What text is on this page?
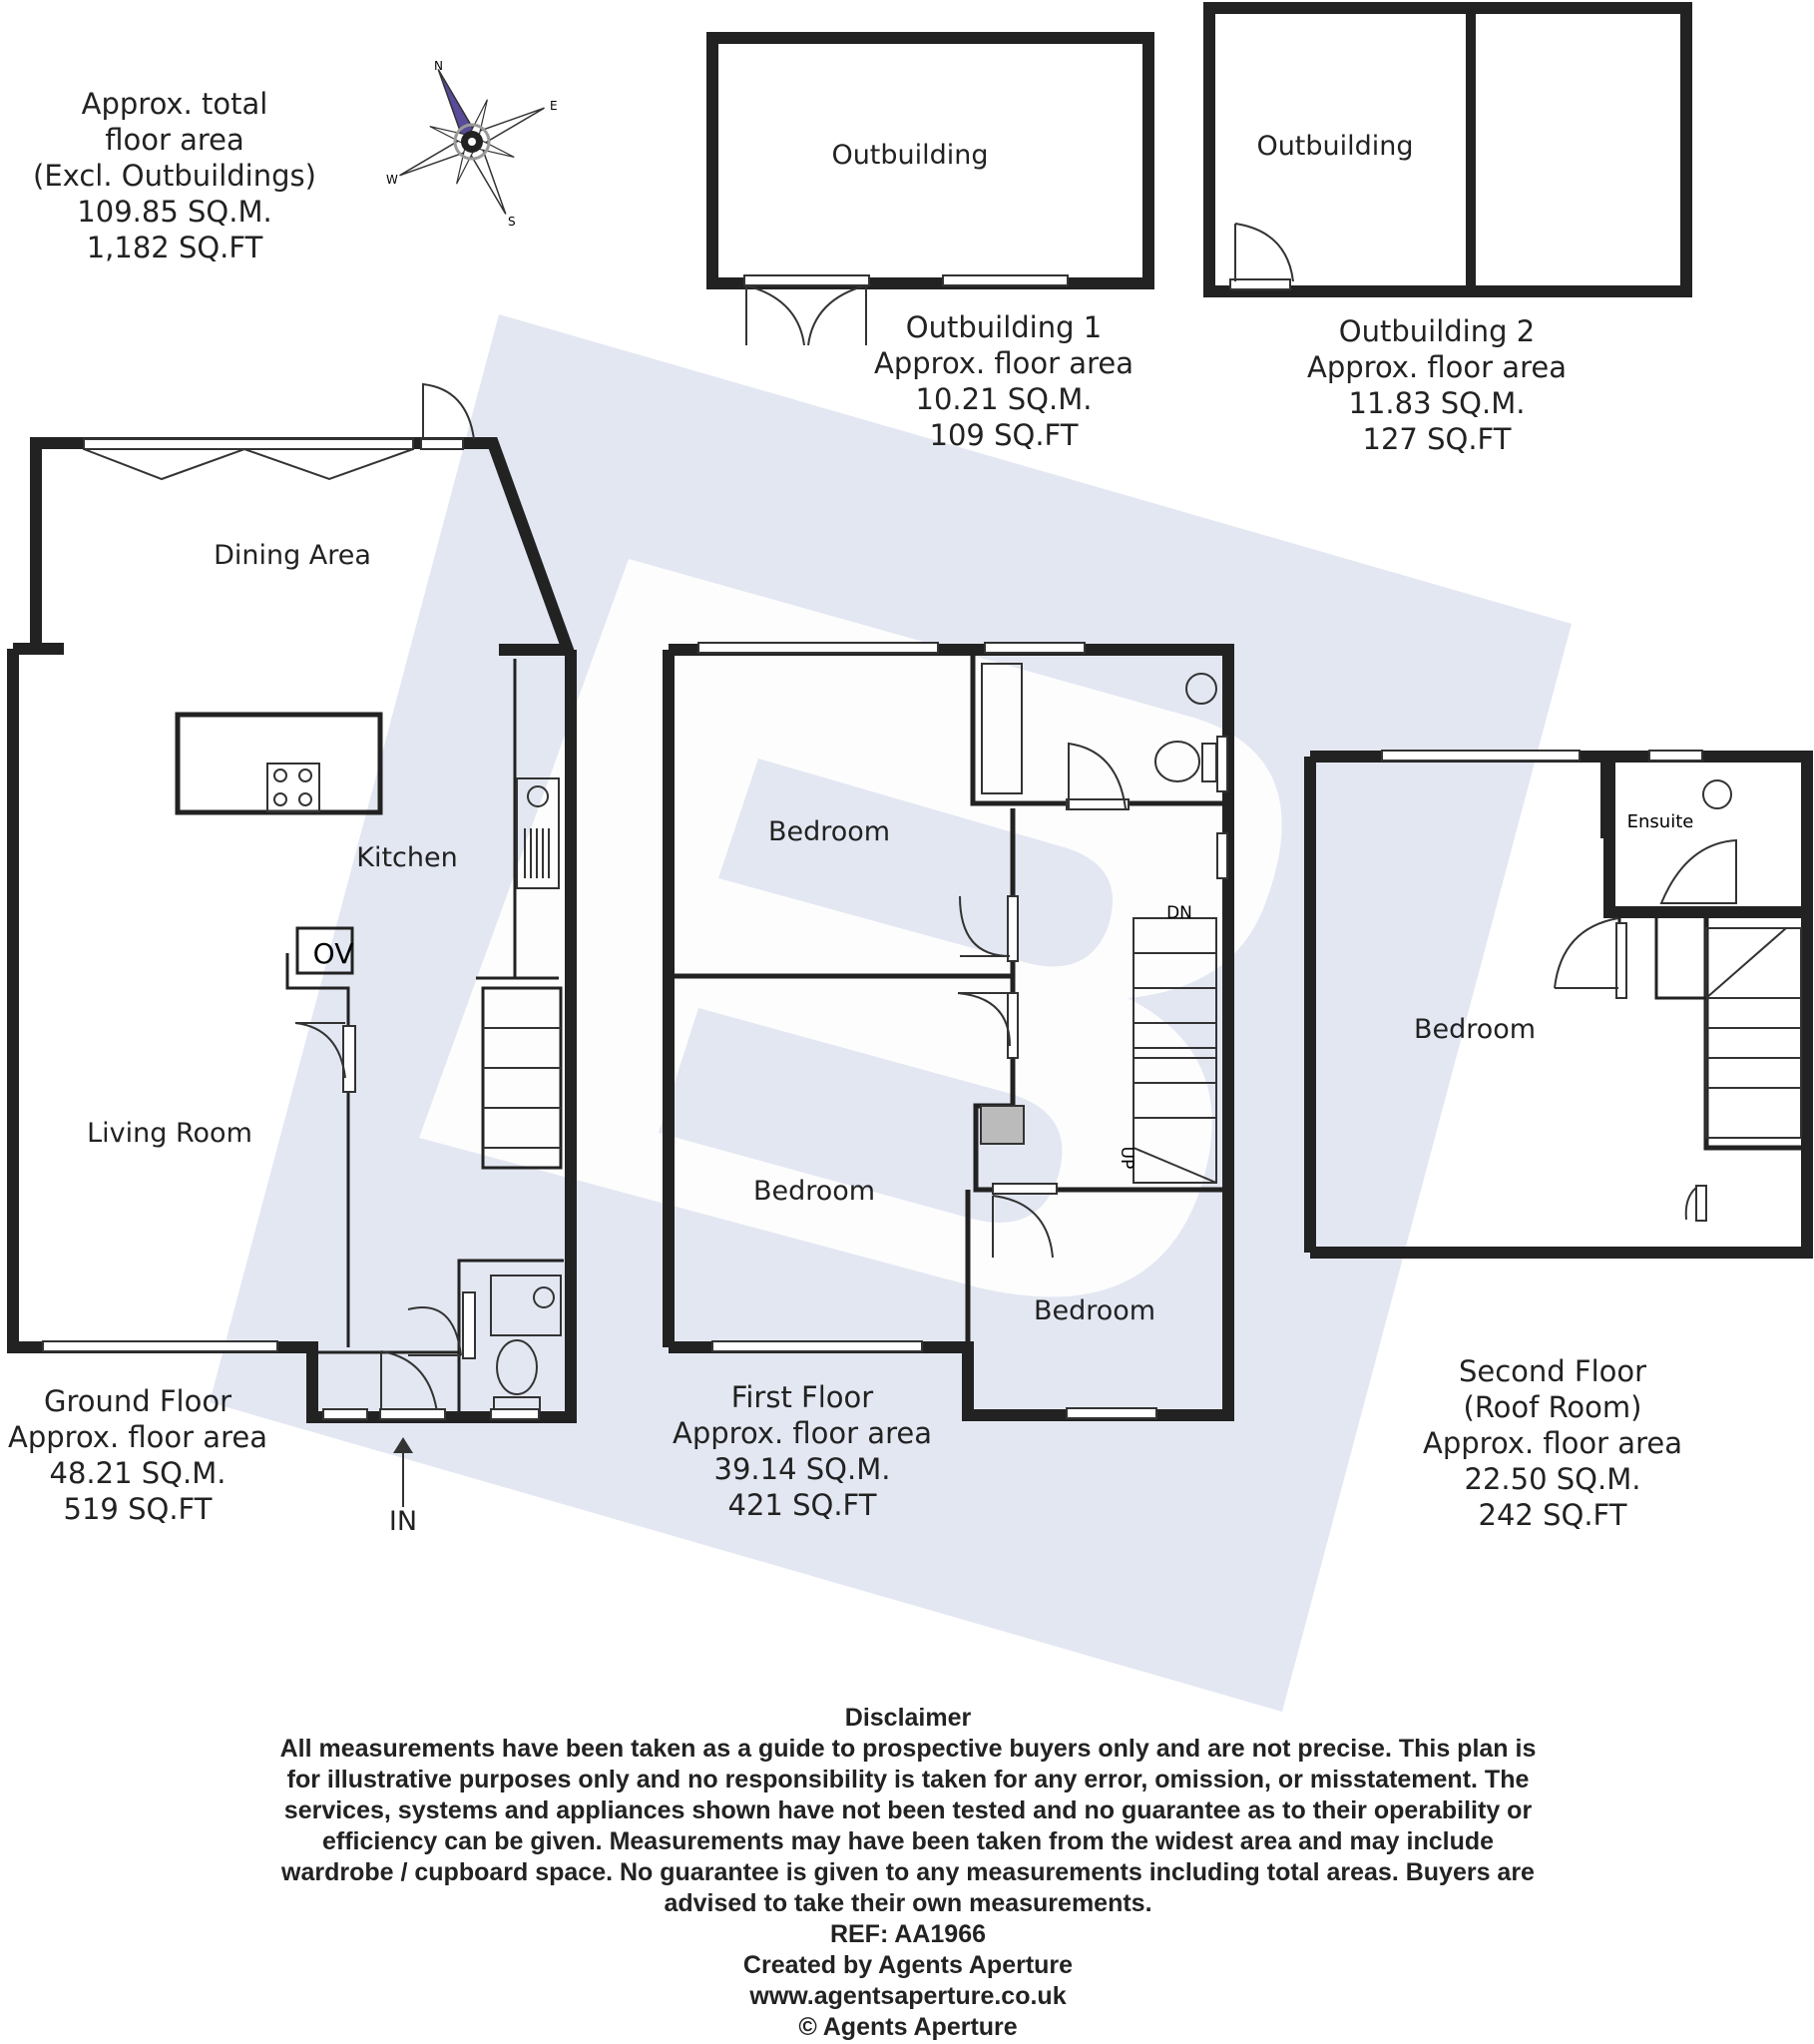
N
E
S
W
Outbuilding	Outbuilding
OV
Dining Area
Kitchen
Living Room
IN
DN
UP
Bedroom
Bedroom
Bedroom
Ensuite
Bedroom
Approx. total
floor area
(Excl. Outbuildings)
109.85 SQ.M.
1,182 SQ.FT
Outbuilding 1
Approx. floor area
10.21 SQ.M.
109 SQ.FT
Outbuilding 2
Approx. floor area
11.83 SQ.M.
127 SQ.FT
Ground Floor
Approx. floor area
48.21 SQ.M.
519 SQ.FT
First Floor
Approx. floor area
39.14 SQ.M.
421 SQ.FT
Second Floor
(Roof Room)
Approx. floor area
22.50 SQ.M.
242 SQ.FT
Disclaimer
All measurements have been taken as a guide to prospective buyers only and are not precise. This plan is
for illustrative purposes only and no responsibility is taken for any error, omission, or misstatement. The
services, systems and appliances shown have not been tested and no guarantee as to their operability or
efficiency can be given. Measurements may have been taken from the widest area and may include
wardrobe / cupboard space. No guarantee is given to any measurements including total areas. Buyers are
advised to take their own measurements.
REF: AA1966
Created by Agents Aperture
www.agentsaperture.co.uk
© Agents Aperture
